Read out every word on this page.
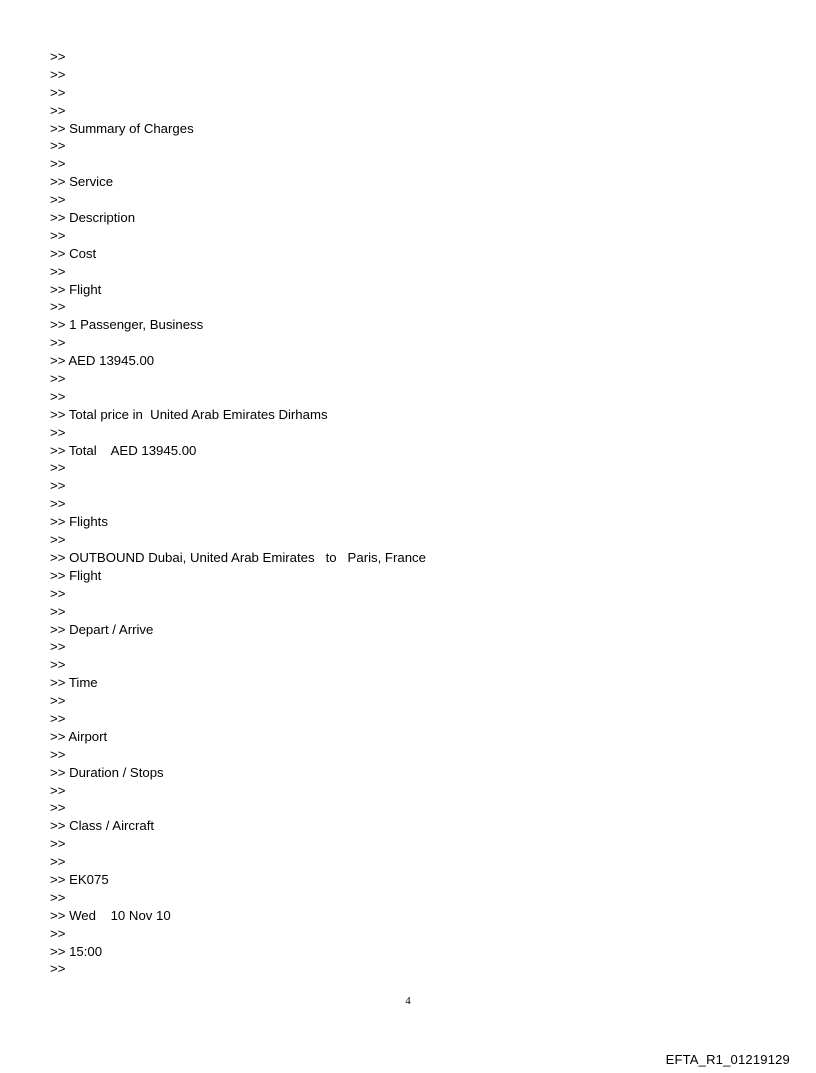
>>
>>
>>
>>
>> Summary of Charges
>>
>>
>> Service
>>
>> Description
>>
>> Cost
>>
>> Flight
>>
>> 1 Passenger, Business
>>
>> AED 13945.00
>>
>>
>> Total price in  United Arab Emirates Dirhams
>>
>> Total    AED 13945.00
>>
>>
>>
>> Flights
>>
>> OUTBOUND Dubai, United Arab Emirates   to   Paris, France
>> Flight
>>
>>
>> Depart / Arrive
>>
>>
>> Time
>>
>>
>> Airport
>>
>> Duration / Stops
>>
>>
>> Class / Aircraft
>>
>>
>> EK075
>>
>> Wed    10 Nov 10
>>
>> 15:00
>>
4
EFTA_R1_01219129
